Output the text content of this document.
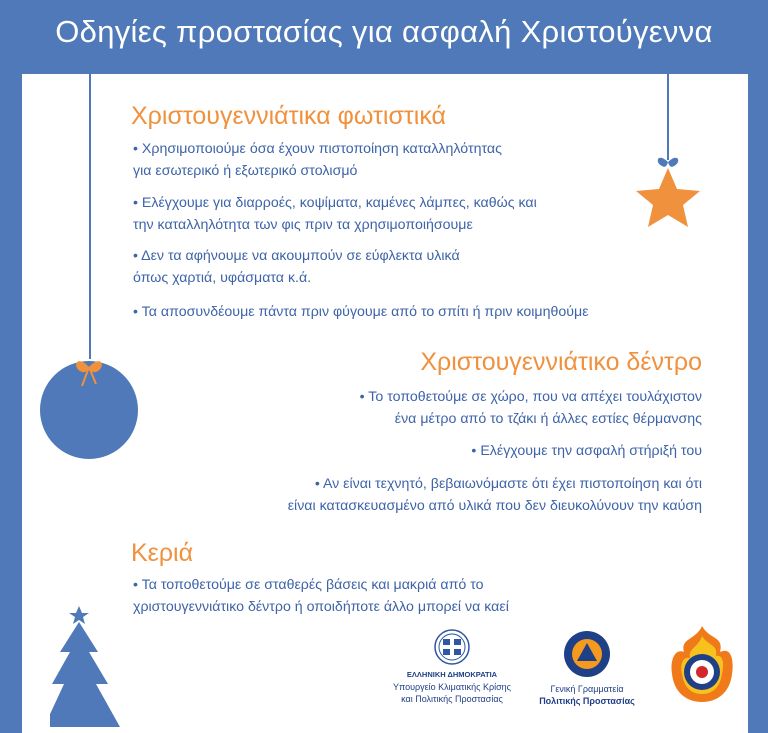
Οδηγίες προστασίας για ασφαλή Χριστούγεννα
Χριστουγεννιάτικα φωτιστικά

• Χρησιμοποιούμε όσα έχουν πιστοποίηση καταλληλότητας
για εσωτερικό ή εξωτερικό στολισμό

• Ελέγχουμε για διαρροές, κοψίματα, καμένες λάμπες, καθώς και
την καταλληλότητα των φις πριν τα χρησιμοποιήσουμε

• Δεν τα αφήνουμε να ακουμπούν σε εύφλεκτα υλικά
όπως χαρτιά, υφάσματα κ.ά.

• Τα αποσυνδέουμε πάντα πριν φύγουμε από το σπίτι ή πριν κοιμηθούμε

Χριστουγεννιάτικο δέντρο

• Το τοποθετούμε σε χώρο, που να απέχει τουλάχιστον
ένα μέτρο από το τζάκι ή άλλες εστίες θέρμανσης

• Ελέγχουμε την ασφαλή στήριξή του

• Αν είναι τεχνητό, βεβαιωνόμαστε ότι έχει πιστοποίηση και ότι
είναι κατασκευασμένο από υλικά που δεν διευκολύνουν την καύση

Κεριά

• Τα τοποθετούμε σε σταθερές βάσεις και μακριά από το
χριστουγεννιάτικο δέντρο ή οποιδήποτε άλλο μπορεί να καεί

ΕΛΛΗΝΙΚΗ ΔΗΜΟΚΡΑΤΙΑ
Υπουργείο Κλιματικής Κρίσης
και Πολιτικής Προστασίας
Γενική Γραμματεία
Πολιτικής Προστασίας
